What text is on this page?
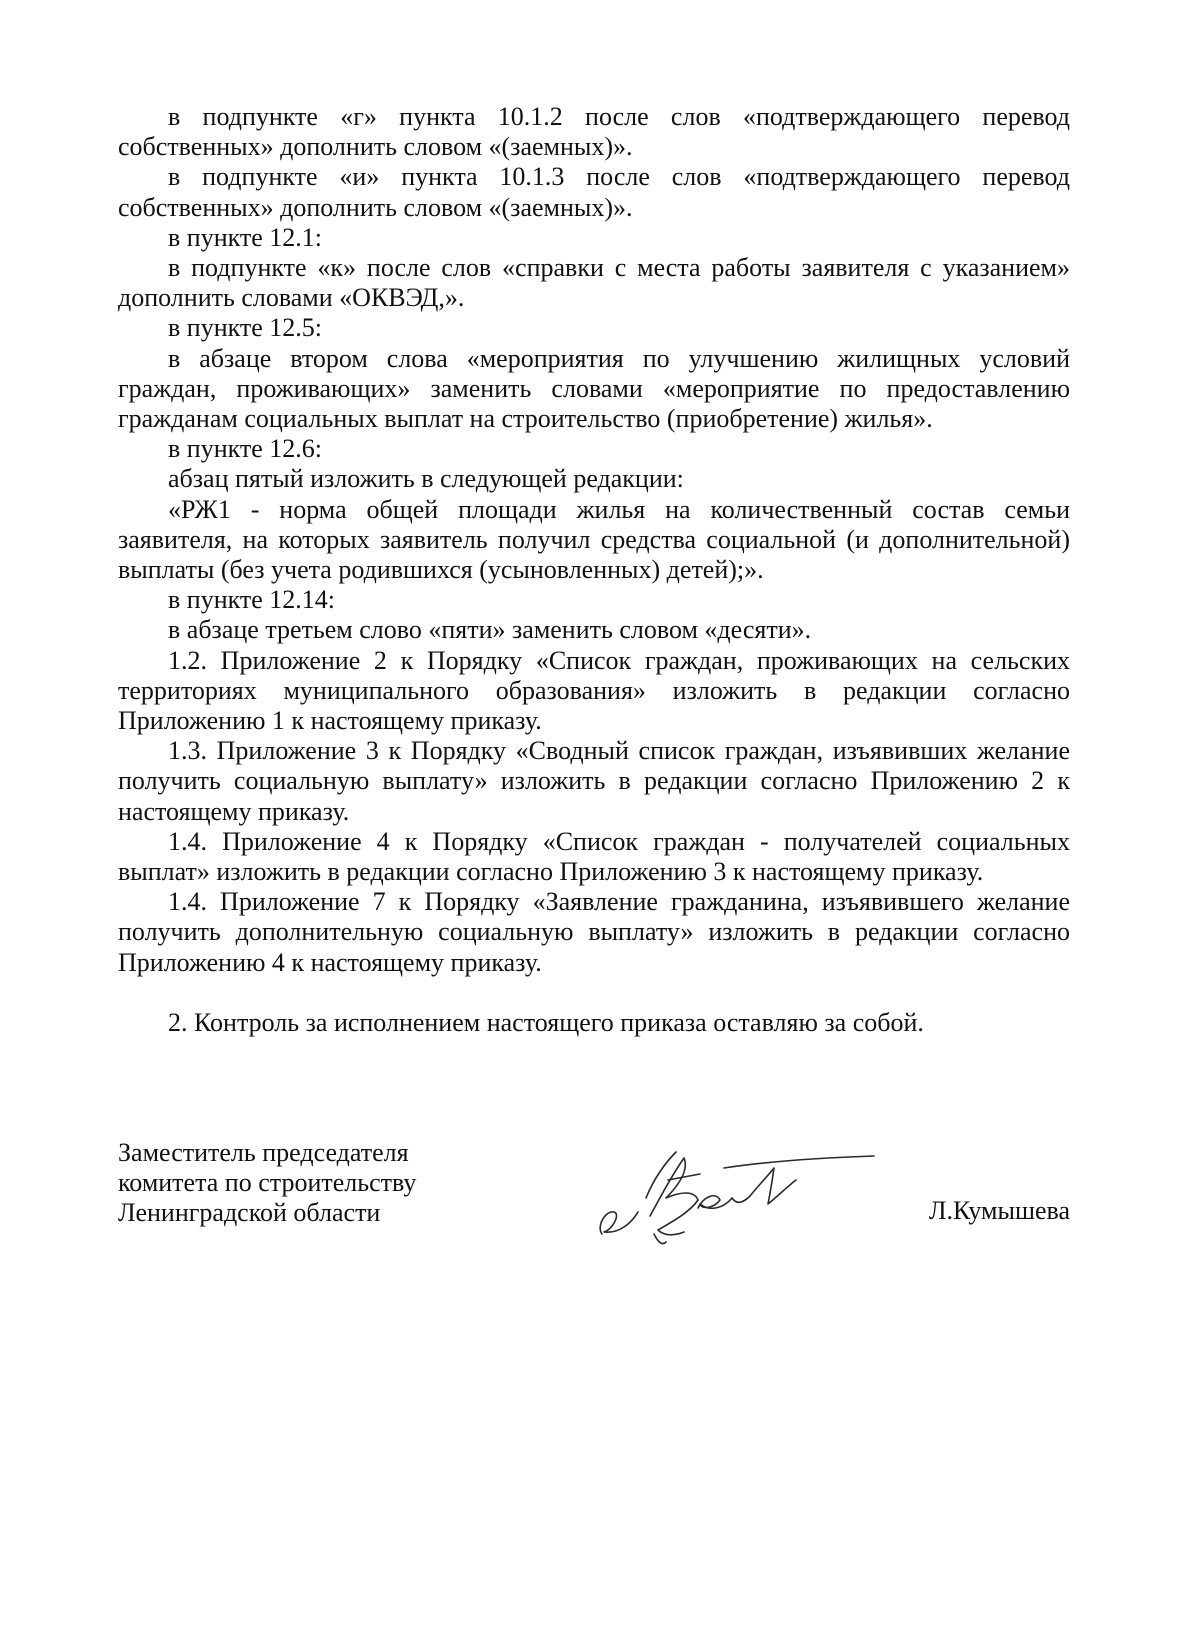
в подпункте «г» пункта 10.1.2 после слов «подтверждающего перевод собственных» дополнить словом «(заемных)».

в подпункте «и» пункта 10.1.3 после слов «подтверждающего перевод собственных» дополнить словом «(заемных)».

в пункте 12.1:

в подпункте «к» после слов «справки с места работы заявителя с указанием» дополнить словами «ОКВЭД,».

в пункте 12.5:

в абзаце втором слова «мероприятия по улучшению жилищных условий граждан, проживающих» заменить словами «мероприятие по предоставлению гражданам социальных выплат на строительство (приобретение) жилья».

в пункте 12.6:

абзац пятый изложить в следующей редакции:

«РЖ1 - норма общей площади жилья на количественный состав семьи заявителя, на которых заявитель получил средства социальной (и дополнительной) выплаты (без учета родившихся (усыновленных) детей);».

в пункте 12.14:

в абзаце третьем слово «пяти» заменить словом «десяти».

1.2. Приложение 2 к Порядку «Список граждан, проживающих на сельских территориях муниципального образования» изложить в редакции согласно Приложению 1 к настоящему приказу.

1.3. Приложение 3 к Порядку «Сводный список граждан, изъявивших желание получить социальную выплату» изложить в редакции согласно Приложению 2 к настоящему приказу.

1.4. Приложение 4 к Порядку «Список граждан - получателей социальных выплат» изложить в редакции согласно Приложению 3 к настоящему приказу.

1.4. Приложение 7 к Порядку «Заявление гражданина, изъявившего желание получить дополнительную социальную выплату» изложить в редакции согласно Приложению 4 к настоящему приказу.

2. Контроль за исполнением настоящего приказа оставляю за собой.

Заместитель председателя
комитета по строительству
Ленинградской области	Л.Кумышева
